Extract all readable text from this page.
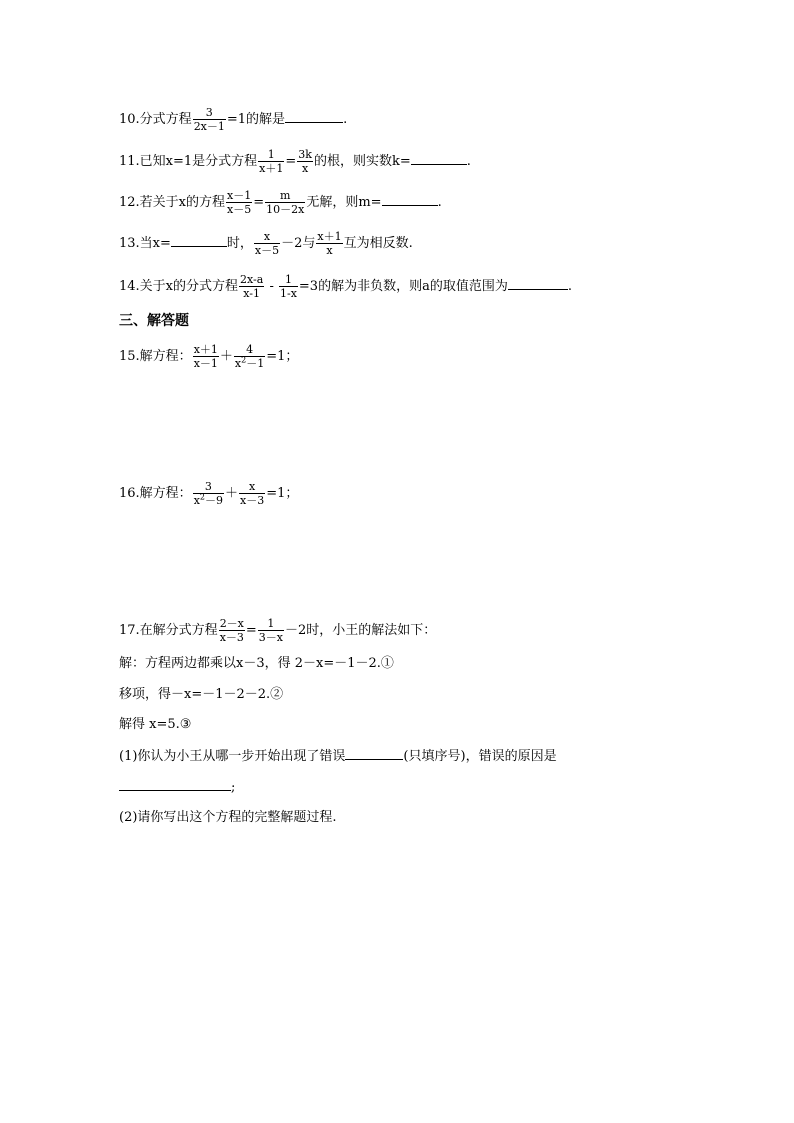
10.分式方程 $\frac{3}{2x-1} =1$的解是	.
11.已知x=1是分式方程 $\frac{1}{x+1} = \frac{3k}{x}$ 的根，则实数k=	.
12.若关于x的方程 $\frac{x-1}{x-5} = \frac{m}{10-2x}$ 无解，则m=	.
13.当x=	时， $\frac{x}{x-5} -2$与 $\frac{x+1}{x}$ 互为相反数.
14.关于x的分式方程 $\frac{2x-a}{x-1} - \frac{1}{1-x} =3$的解为非负数，则a的取值范围为	.
三、解答题
15.解方程： $\frac{x+1}{x-1} + \frac{4}{x^2-1} =1$；
16.解方程： $\frac{3}{x^2-9} + \frac{x}{x-3} =1$；
17.在解分式方程 $\frac{2-x}{x-3} = \frac{1}{3-x} -2$时，小王的解法如下：
解：方程两边都乘以x－3，得 2－x=－1－2.①
移项，得－x=－1－2－2.②
解得 x=5.③
(1)你认为小王从哪一步开始出现了错误	(只填序号)，错误的原因是
;
(2)请你写出这个方程的完整解题过程.
